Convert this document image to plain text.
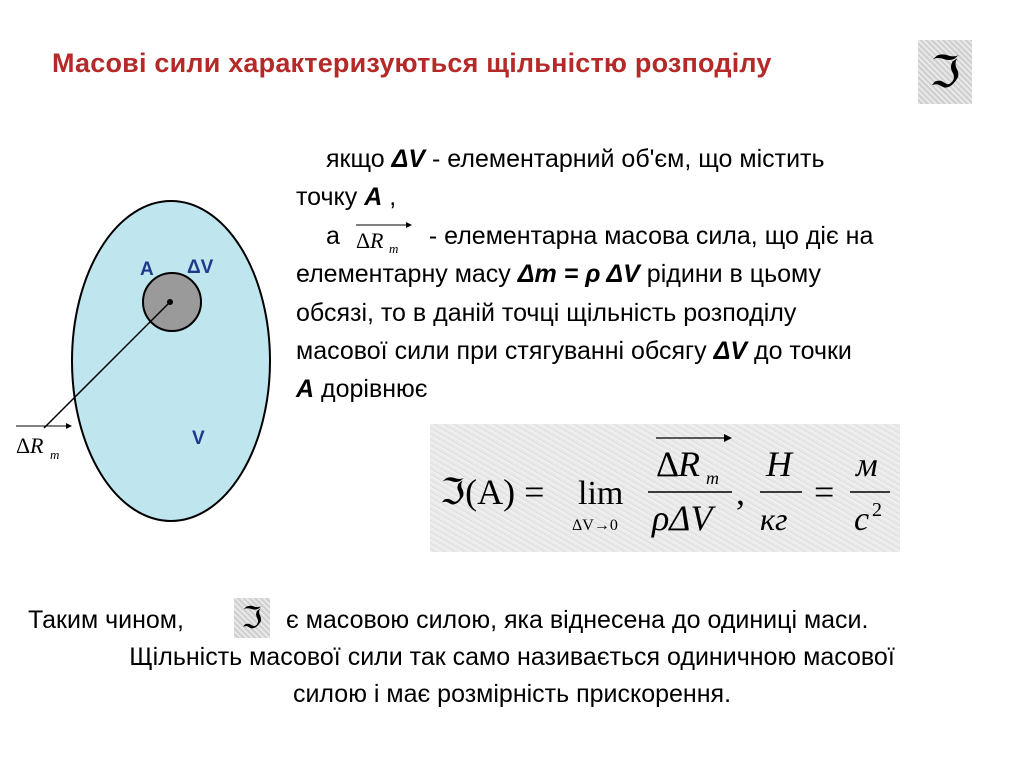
Масові сили характеризуються щільністю розподілу	ℑ
A ΔV
V
Δ R m
якщо ΔV - елементарний об'єм, що містить
точку A ,
а Δ R m - елементарна масова сила, що діє на
елементарну масу Δm = ρ ΔV рідини в цьому
обсязі, то в даній точці щільність розподілу
масової сили при стягуванні обсягу ΔV до точки
A дорівнює
ℑ(A) = lim
ΔV→0
Δ
R m
ρΔV
,
H
кг
=
м
c 2
Таким чином,	є масовою силою, яка віднесена до одиниці маси.
ℑ
Щільність масової сили так само називається одиничною масової
силою і має розмірність прискорення.
